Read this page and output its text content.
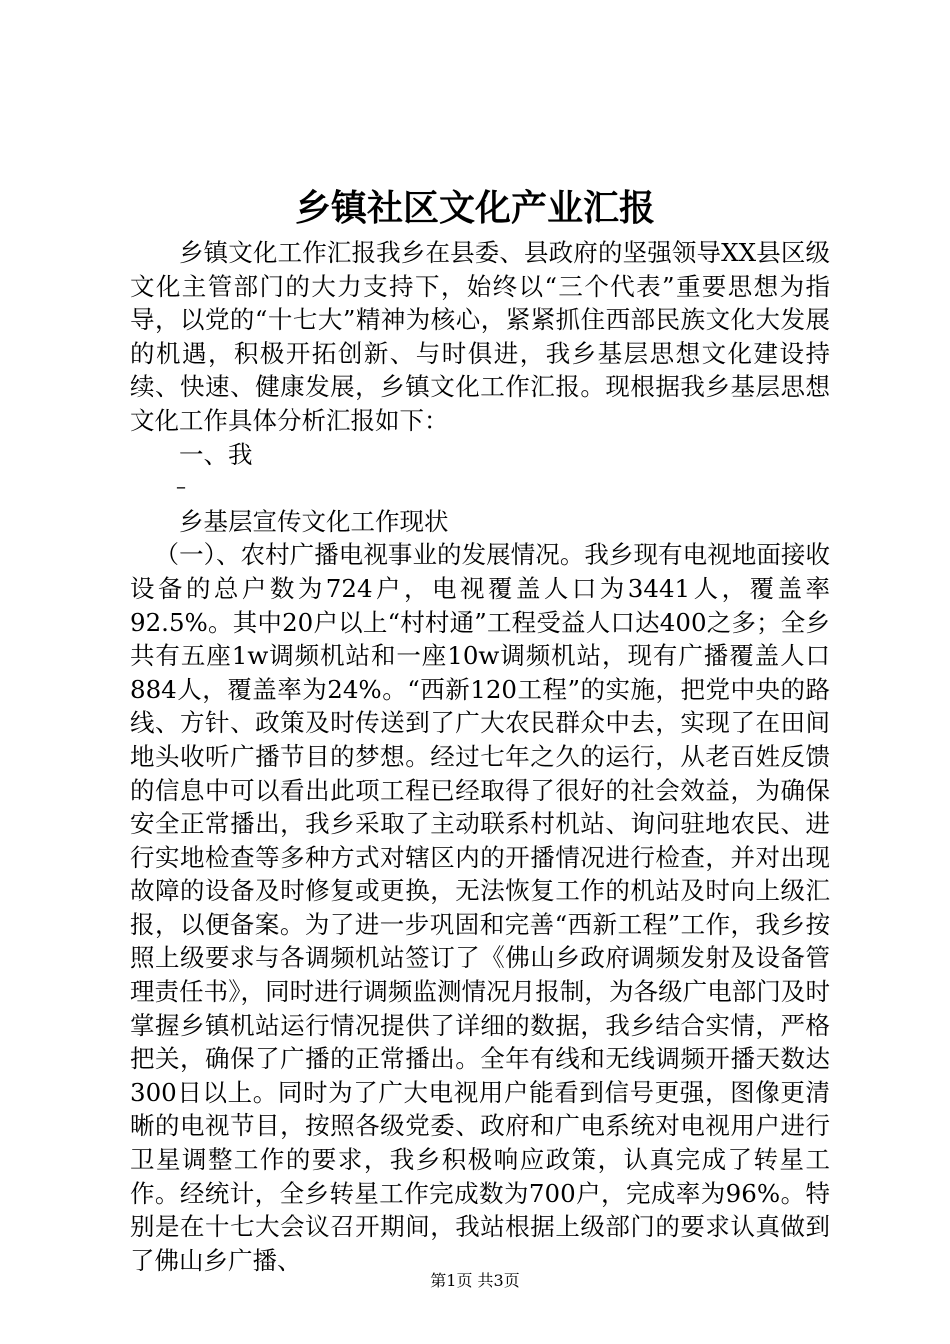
乡镇社区文化产业汇报

乡镇文化工作汇报我乡在县委、县政府的坚强领导XX县区级文化主管部门的大力支持下，始终以“三个代表”重要思想为指导，以党的“十七大”精神为核心，紧紧抓住西部民族文化大发展的机遇，积极开拓创新、与时俱进，我乡基层思想文化建设持续、快速、健康发展，乡镇文化工作汇报。现根据我乡基层思想文化工作具体分析汇报如下：

一、我

–

乡基层宣传文化工作现状

（一）、农村广播电视事业的发展情况。我乡现有电视地面接收设备的总户数为724户，电视覆盖人口为3441人，覆盖率92.5%。其中20户以上“村村通”工程受益人口达400之多；全乡共有五座1w调频机站和一座10w调频机站，现有广播覆盖人口884人，覆盖率为24%。“西新120工程”的实施，把党中央的路线、方针、政策及时传送到了广大农民群众中去，实现了在田间地头收听广播节目的梦想。经过七年之久的运行，从老百姓反馈的信息中可以看出此项工程已经取得了很好的社会效益，为确保安全正常播出，我乡采取了主动联系村机站、询问驻地农民、进行实地检查等多种方式对辖区内的开播情况进行检查，并对出现故障的设备及时修复或更换，无法恢复工作的机站及时向上级汇报，以便备案。为了进一步巩固和完善“西新工程”工作，我乡按照上级要求与各调频机站签订了《佛山乡政府调频发射及设备管理责任书》，同时进行调频监测情况月报制，为各级广电部门及时掌握乡镇机站运行情况提供了详细的数据，我乡结合实情，严格把关，确保了广播的正常播出。全年有线和无线调频开播天数达300日以上。同时为了广大电视用户能看到信号更强，图像更清晰的电视节目，按照各级党委、政府和广电系统对电视用户进行卫星调整工作的要求，我乡积极响应政策，认真完成了转星工作。经统计，全乡转星工作完成数为700户，完成率为96%。特别是在十七大会议召开期间，我站根据上级部门的要求认真做到了佛山乡广播、

第1页 共3页
